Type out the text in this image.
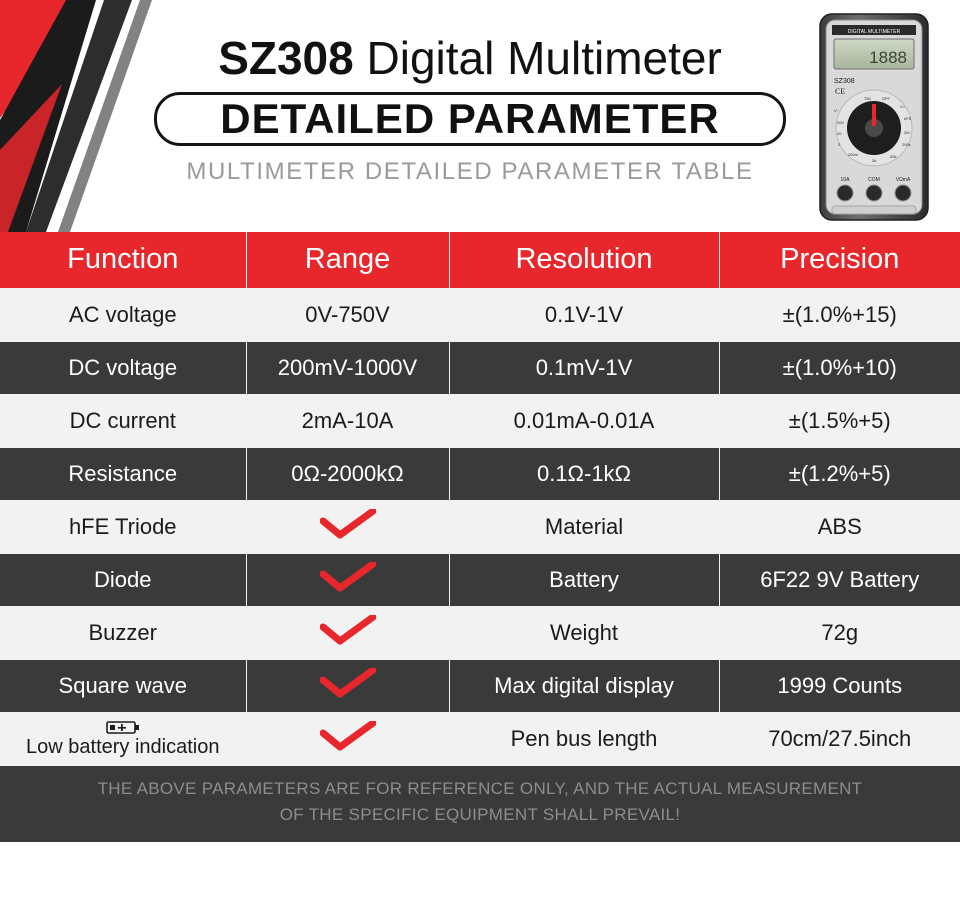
SZ308 Digital Multimeter
DETAILED PARAMETER
MULTIMETER DETAILED PARAMETER TABLE
DIGITAL MULTIMETER
1888
SZ308
CE
V~
200
20
2
200m
750	OFF
V=
hFE
2M
200k
20k
2k
10A	COM	VΩmA
Function	Range	Resolution	Precision
AC voltage	0V-750V	0.1V-1V	±(1.0%+15)
DC voltage	200mV-1000V	0.1mV-1V	±(1.0%+10)
DC current	2mA-10A	0.01mA-0.01A	±(1.5%+5)
Resistance	0Ω-2000kΩ	0.1Ω-1kΩ	±(1.2%+5)
hFE Triode		Material	ABS
Diode		Battery	6F22 9V Battery
Buzzer		Weight	72g
Square wave		Max digital display	1999 Counts

Low battery indication		Pen bus length	70cm/27.5inch
THE ABOVE PARAMETERS ARE FOR REFERENCE ONLY, AND THE ACTUAL MEASUREMENT
OF THE SPECIFIC EQUIPMENT SHALL PREVAIL!
